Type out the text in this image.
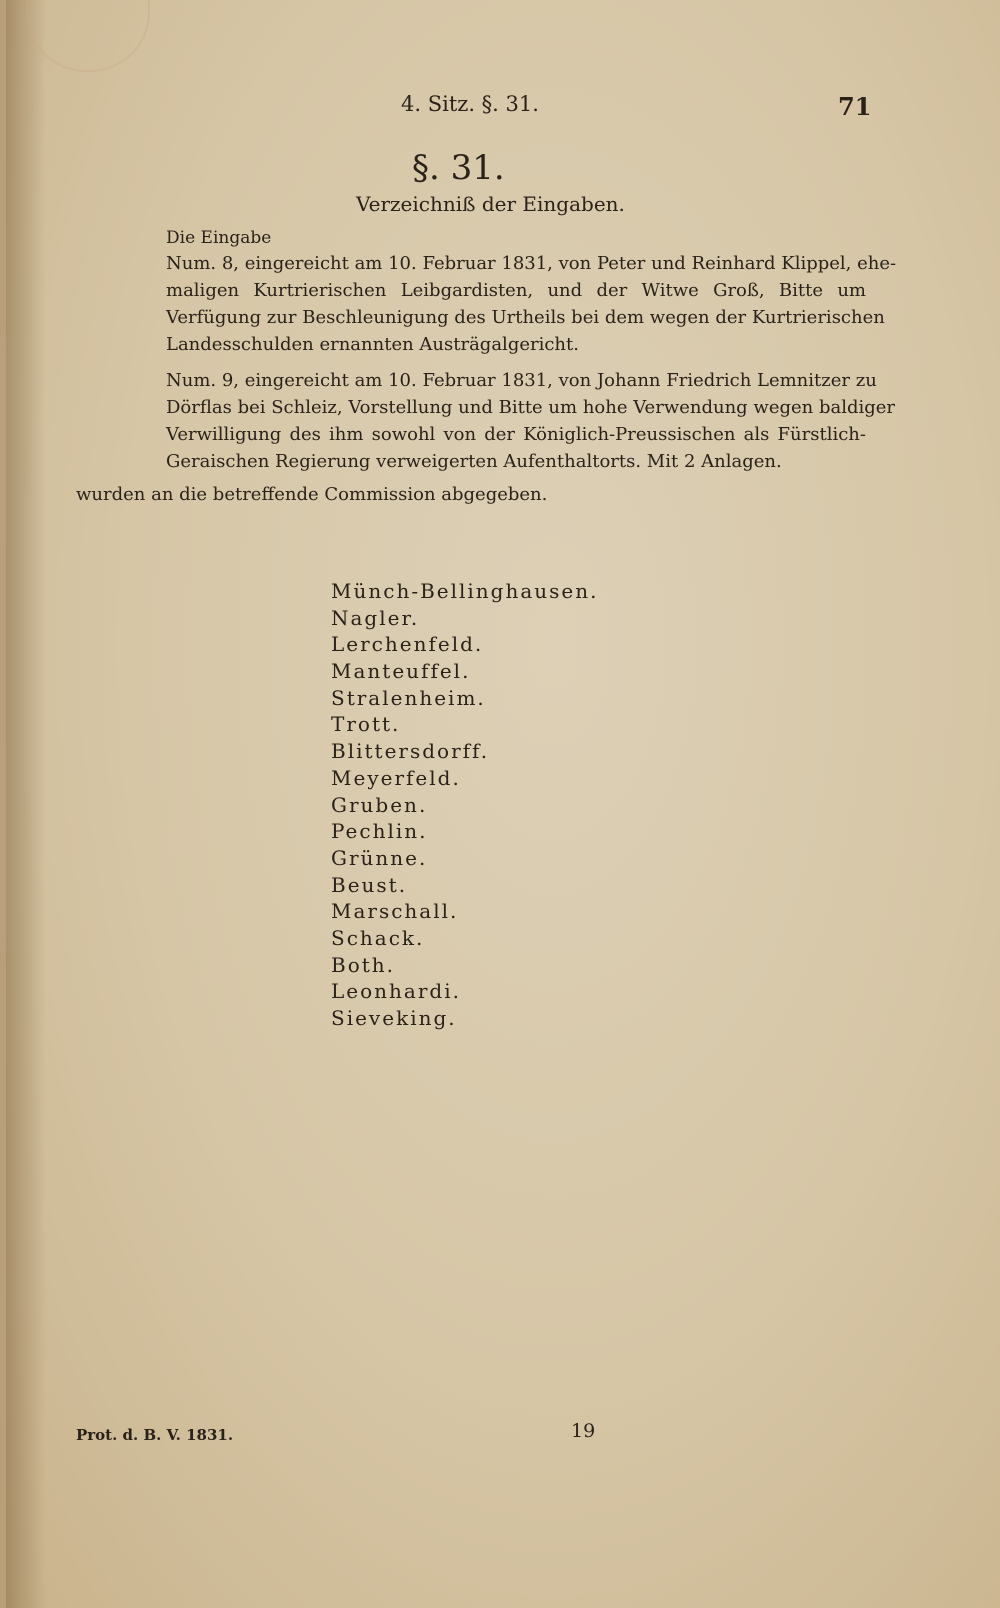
4. Sitz. §. 31.	71
§. 31.
Verzeichniß der Eingaben.
Die Eingabe
Num. 8, eingereicht am 10. Februar 1831, von Peter und Reinhard Klippel, ehe-
maligen Kurtrierischen Leibgardisten, und der Witwe Groß, Bitte um
Verfügung zur Beschleunigung des Urtheils bei dem wegen der Kurtrierischen
Landesschulden ernannten Austrägalgericht.
Num. 9, eingereicht am 10. Februar 1831, von Johann Friedrich Lemnitzer zu
Dörflas bei Schleiz, Vorstellung und Bitte um hohe Verwendung wegen baldiger
Verwilligung des ihm sowohl von der Königlich-Preussischen als Fürstlich-
Geraischen Regierung verweigerten Aufenthaltorts. Mit 2 Anlagen.
wurden an die betreffende Commission abgegeben.
Münch-Bellinghausen.
Nagler.
Lerchenfeld.
Manteuffel.
Stralenheim.
Trott.
Blittersdorff.
Meyerfeld.
Gruben.
Pechlin.
Grünne.
Beust.
Marschall.
Schack.
Both.
Leonhardi.
Sieveking.
Prot. d. B. V. 1831.	19
